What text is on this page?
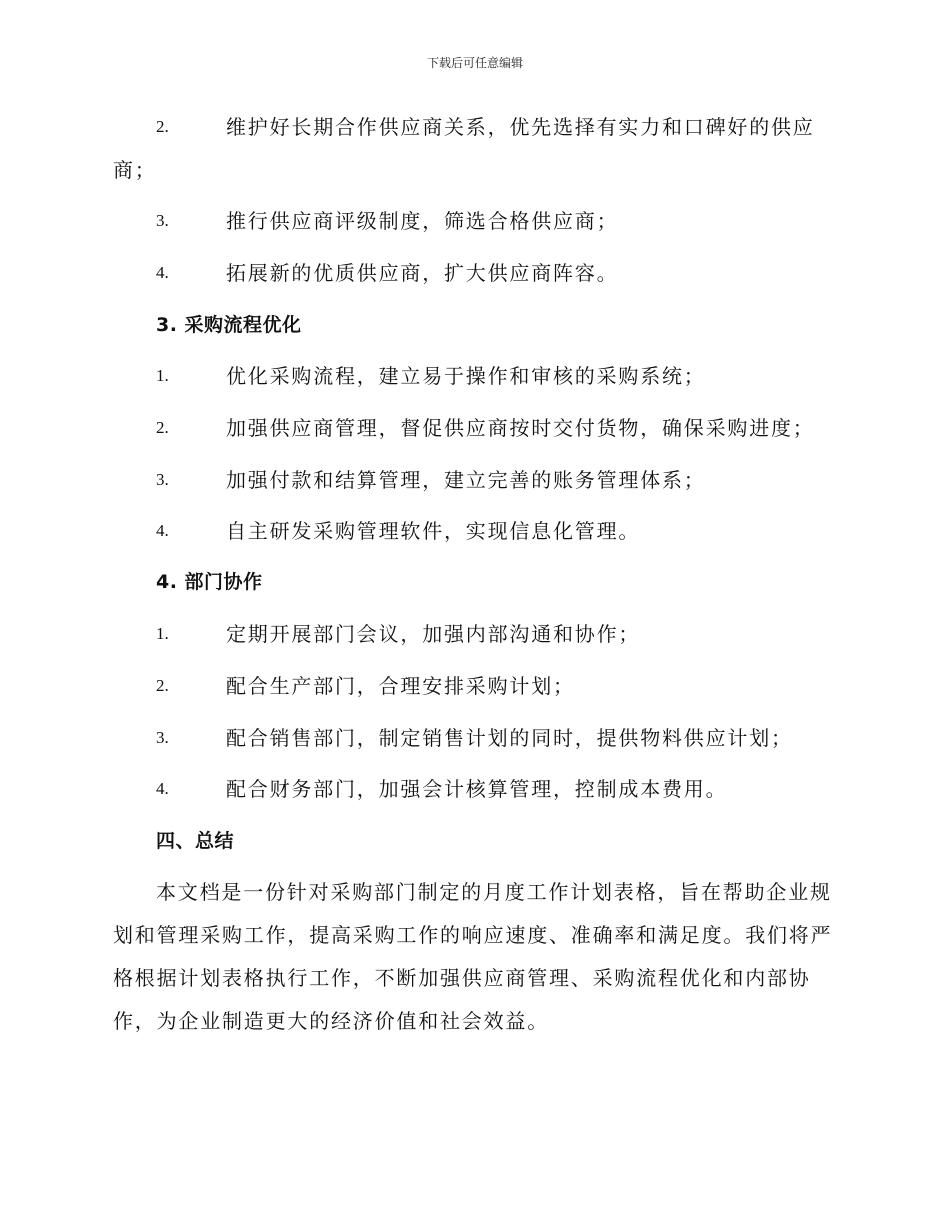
下载后可任意编辑
2.	维护好长期合作供应商关系，优先选择有实力和口碑好的供应
商；
3.	推行供应商评级制度，筛选合格供应商；
4.	拓展新的优质供应商，扩大供应商阵容。
3. 采购流程优化
1.	优化采购流程，建立易于操作和审核的采购系统；
2.	加强供应商管理，督促供应商按时交付货物，确保采购进度；
3.	加强付款和结算管理，建立完善的账务管理体系；
4.	自主研发采购管理软件，实现信息化管理。
4. 部门协作
1.	定期开展部门会议，加强内部沟通和协作；
2.	配合生产部门，合理安排采购计划；
3.	配合销售部门，制定销售计划的同时，提供物料供应计划；
4.	配合财务部门，加强会计核算管理，控制成本费用。
四、总结
本文档是一份针对采购部门制定的月度工作计划表格，旨在帮助企业规
划和管理采购工作，提高采购工作的响应速度、准确率和满足度。我们将严
格根据计划表格执行工作，不断加强供应商管理、采购流程优化和内部协
作，为企业制造更大的经济价值和社会效益。
